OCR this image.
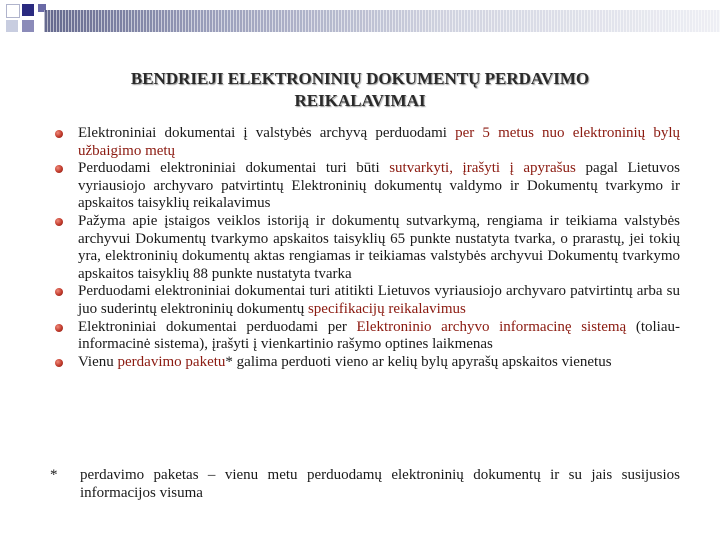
BENDRIEJI ELEKTRONINIŲ DOKUMENTŲ PERDAVIMO
REIKALAVIMAI
Elektroniniai dokumentai į valstybės archyvą perduodami per 5 metus nuo elektroninių bylų užbaigimo metų
Perduodami elektroniniai dokumentai turi būti sutvarkyti, įrašyti į apyrašus pagal Lietuvos vyriausiojo archyvaro patvirtintų Elektroninių dokumentų valdymo ir Dokumentų tvarkymo ir apskaitos taisyklių reikalavimus
Pažyma apie įstaigos veiklos istoriją ir dokumentų sutvarkymą, rengiama ir teikiama valstybės archyvui Dokumentų tvarkymo apskaitos taisyklių 65 punkte nustatyta tvarka, o prarastų, jei tokių yra, elektroninių dokumentų aktas rengiamas ir teikiamas valstybės archyvui Dokumentų tvarkymo apskaitos taisyklių 88 punkte nustatyta tvarka
Perduodami elektroniniai dokumentai turi atitikti Lietuvos vyriausiojo archyvaro patvirtintų arba su juo suderintų elektroninių dokumentų specifikacijų reikalavimus
Elektroniniai dokumentai perduodami per Elektroninio archyvo informacinę sistemą (toliau-informacinė sistema), įrašyti į vienkartinio rašymo optines laikmenas
Vienu perdavimo paketu* galima perduoti vieno ar kelių bylų apyrašų apskaitos vienetus
*	perdavimo paketas – vienu metu perduodamų elektroninių dokumentų ir su jais susijusios informacijos visuma
